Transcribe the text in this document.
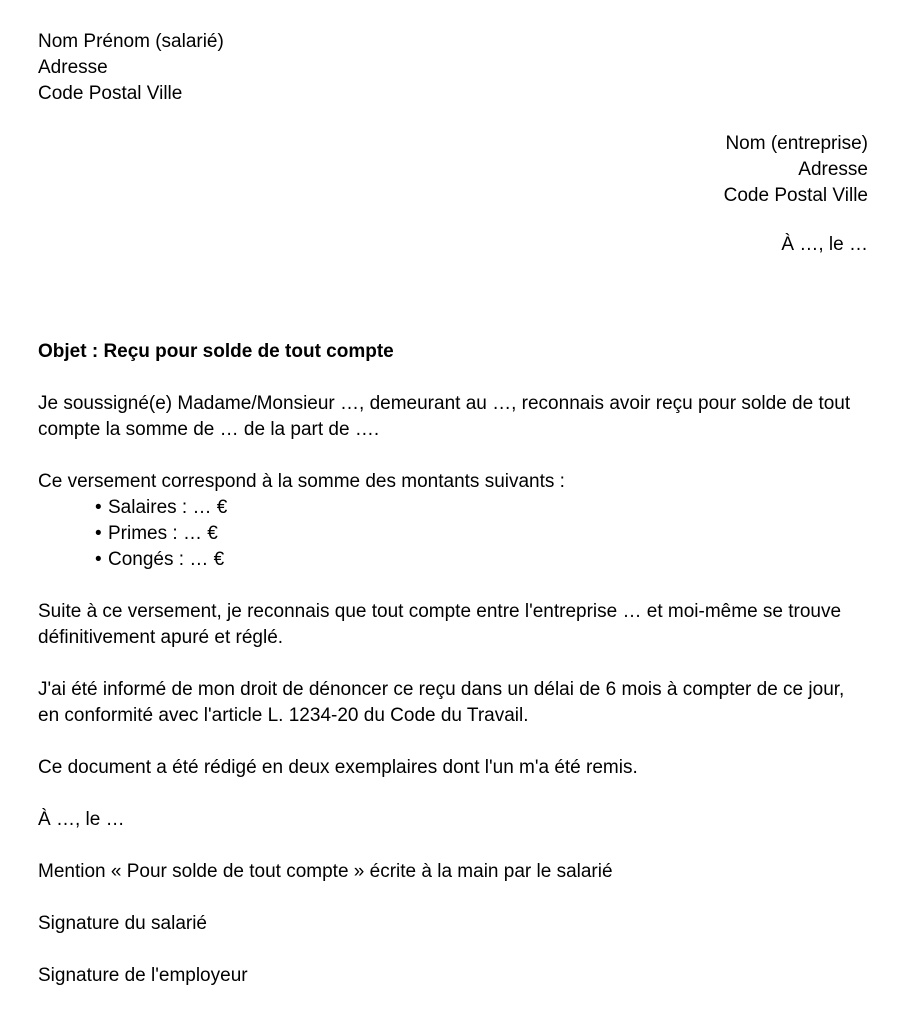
Nom Prénom (salarié)
Adresse
Code Postal Ville
Nom (entreprise)
Adresse
Code Postal Ville
À …, le …

Objet : Reçu pour solde de tout compte

Je soussigné(e) Madame/Monsieur …, demeurant au …, reconnais avoir reçu pour solde de tout compte la somme de … de la part de ….

Ce versement correspond à la somme des montants suivants :

• Salaires : … €
• Primes : … €
• Congés : … €

Suite à ce versement, je reconnais que tout compte entre l'entreprise … et moi-même se trouve définitivement apuré et réglé.

J'ai été informé de mon droit de dénoncer ce reçu dans un délai de 6 mois à compter de ce jour, en conformité avec l'article L. 1234-20 du Code du Travail.

Ce document a été rédigé en deux exemplaires dont l'un m'a été remis.

À …, le …

Mention « Pour solde de tout compte » écrite à la main par le salarié

Signature du salarié

Signature de l'employeur
